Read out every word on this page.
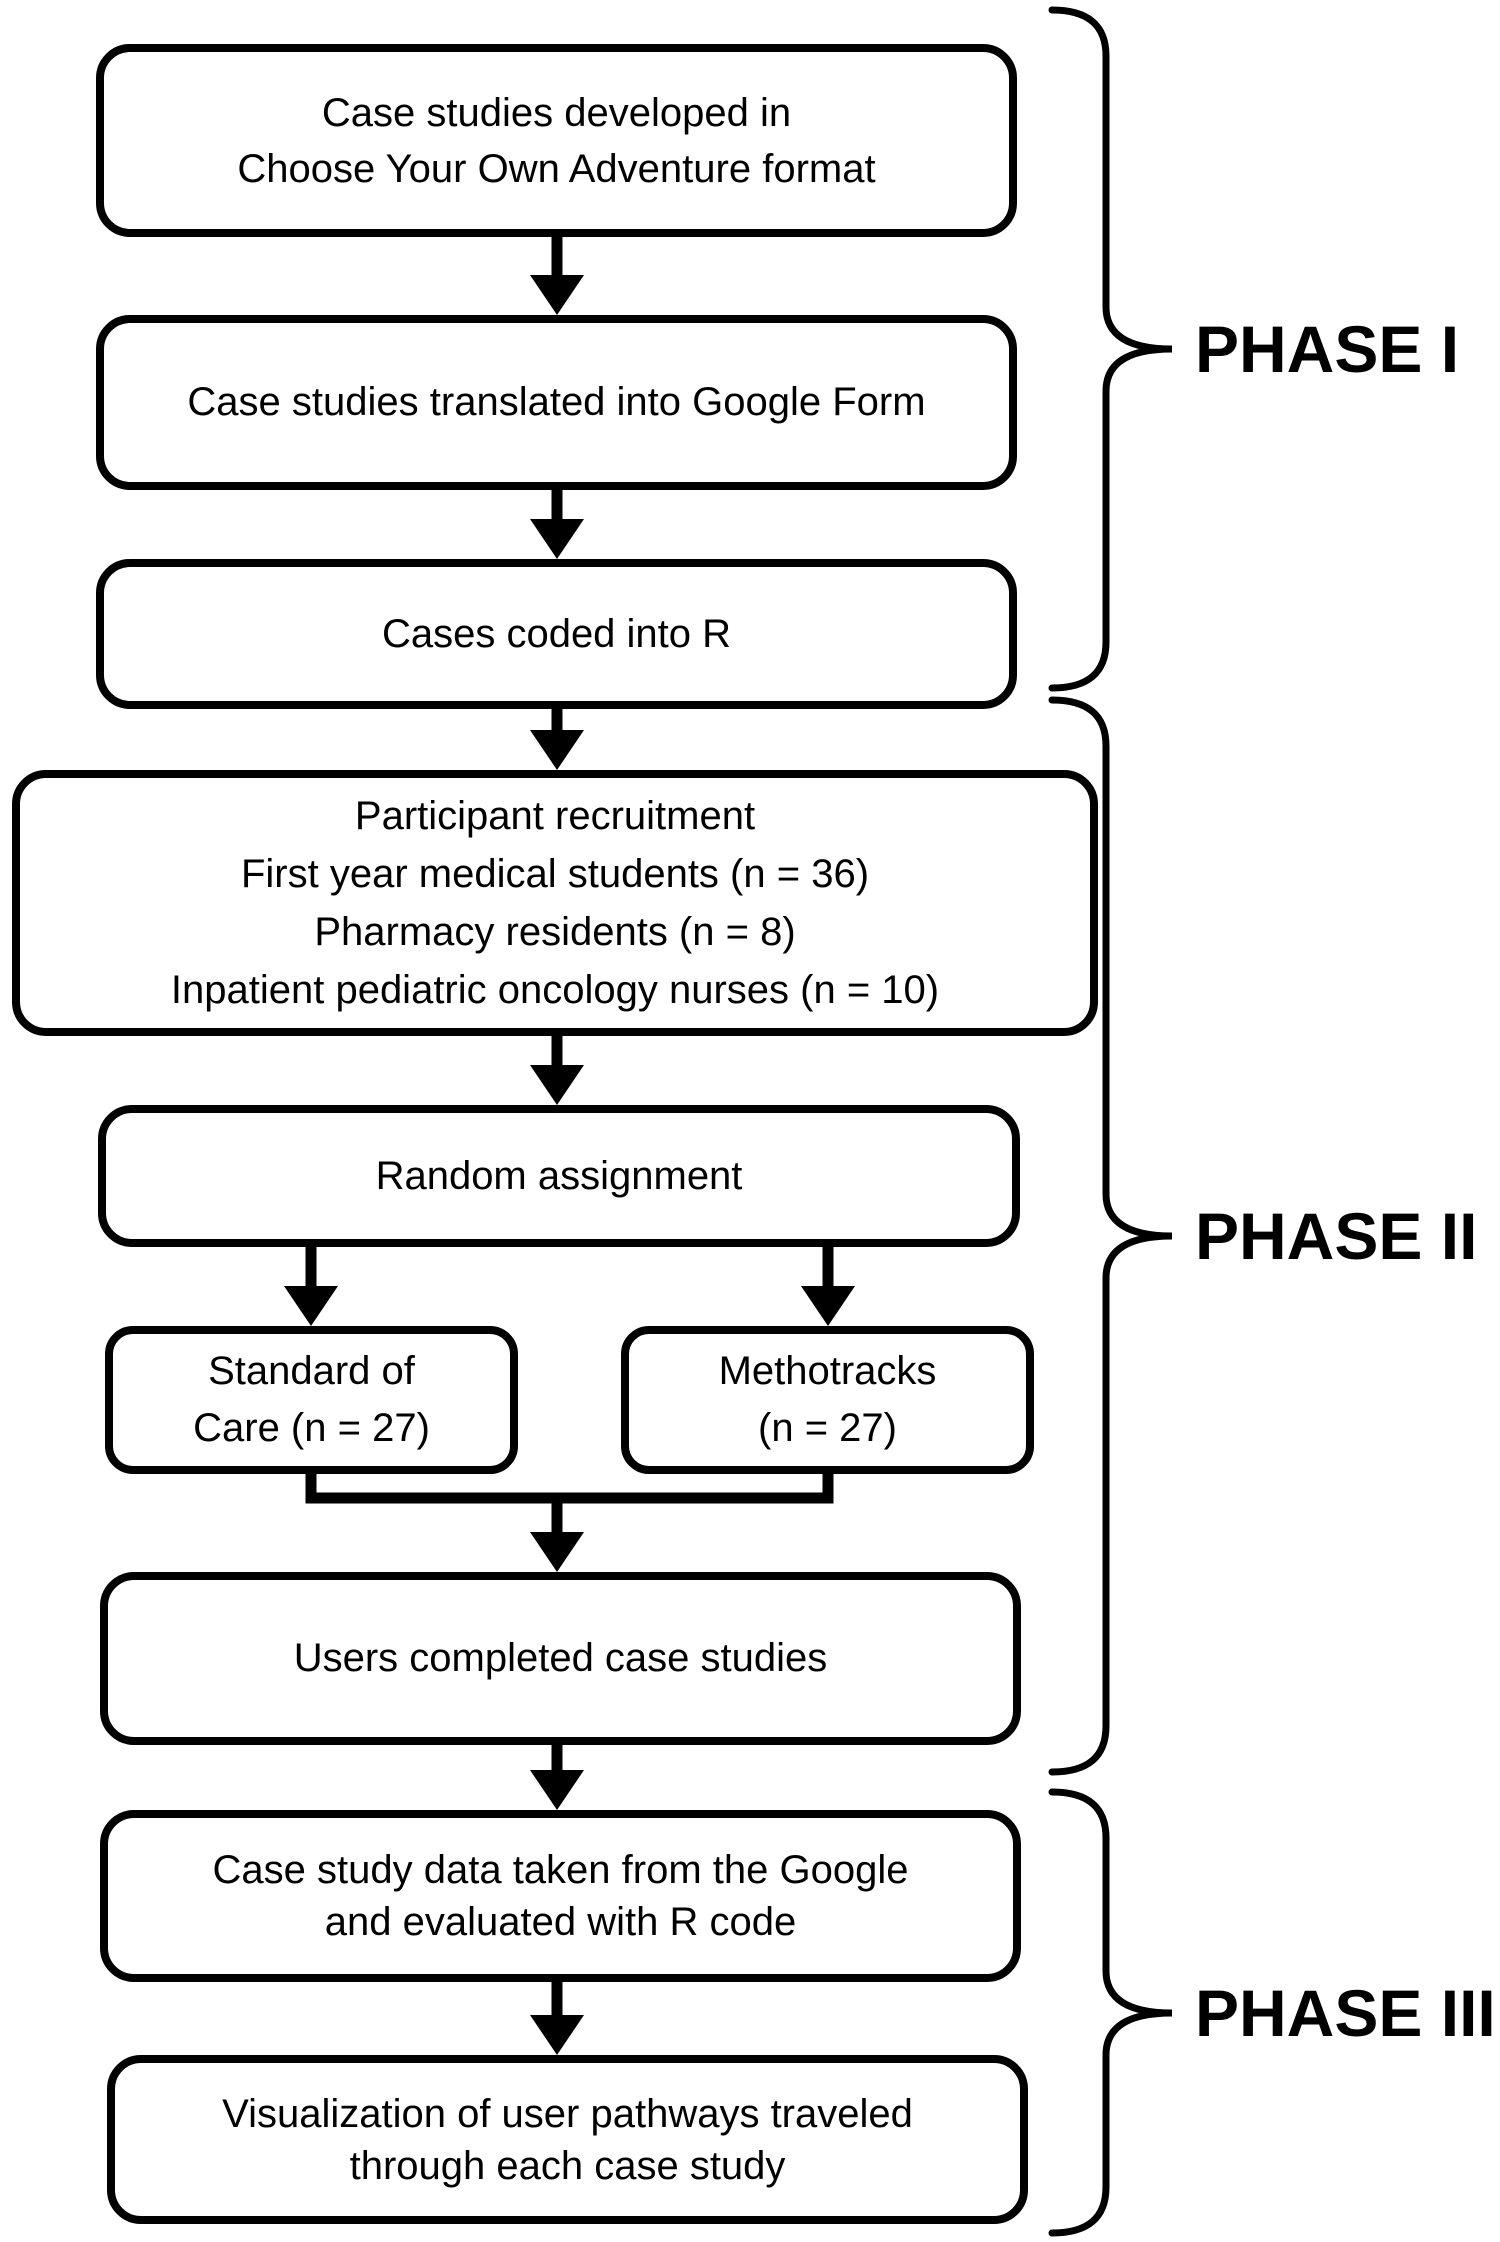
Case studies developed in
Choose Your Own Adventure format
Case studies translated into Google Form
Cases coded into R
Participant recruitment
First year medical students (n = 36)
Pharmacy residents (n = 8)
Inpatient pediatric oncology nurses (n = 10)
Random assignment
Standard of
Care (n = 27)
Methotracks
(n = 27)
Users completed case studies
Case study data taken from the Google
and evaluated with R code
Visualization of user pathways traveled
through each case study
PHASE I
PHASE II
PHASE III
